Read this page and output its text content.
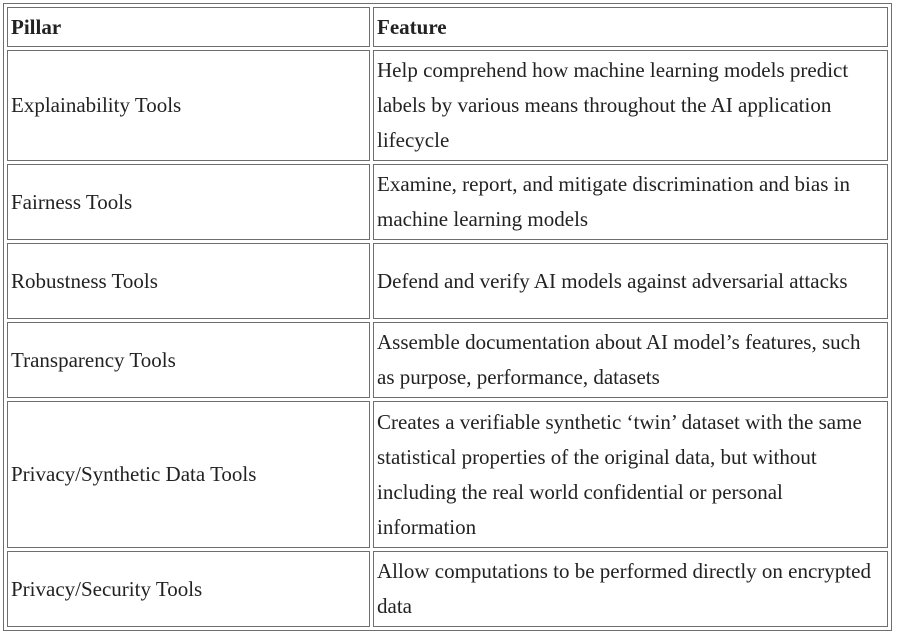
Pillar	Feature
Explainability Tools	Help comprehend how machine learning models predict labels by various means throughout the AI application lifecycle
Fairness Tools	Examine, report, and mitigate discrimination and bias in machine learning models
Robustness Tools	Defend and verify AI models against adversarial attacks
Transparency Tools	Assemble documentation about AI model’s features, such as purpose, performance, datasets
Privacy/Synthetic Data Tools	Creates a verifiable synthetic ‘twin’ dataset with the same statistical properties of the original data, but without including the real world confidential or personal information
Privacy/Security Tools	Allow computations to be performed directly on encrypted data
